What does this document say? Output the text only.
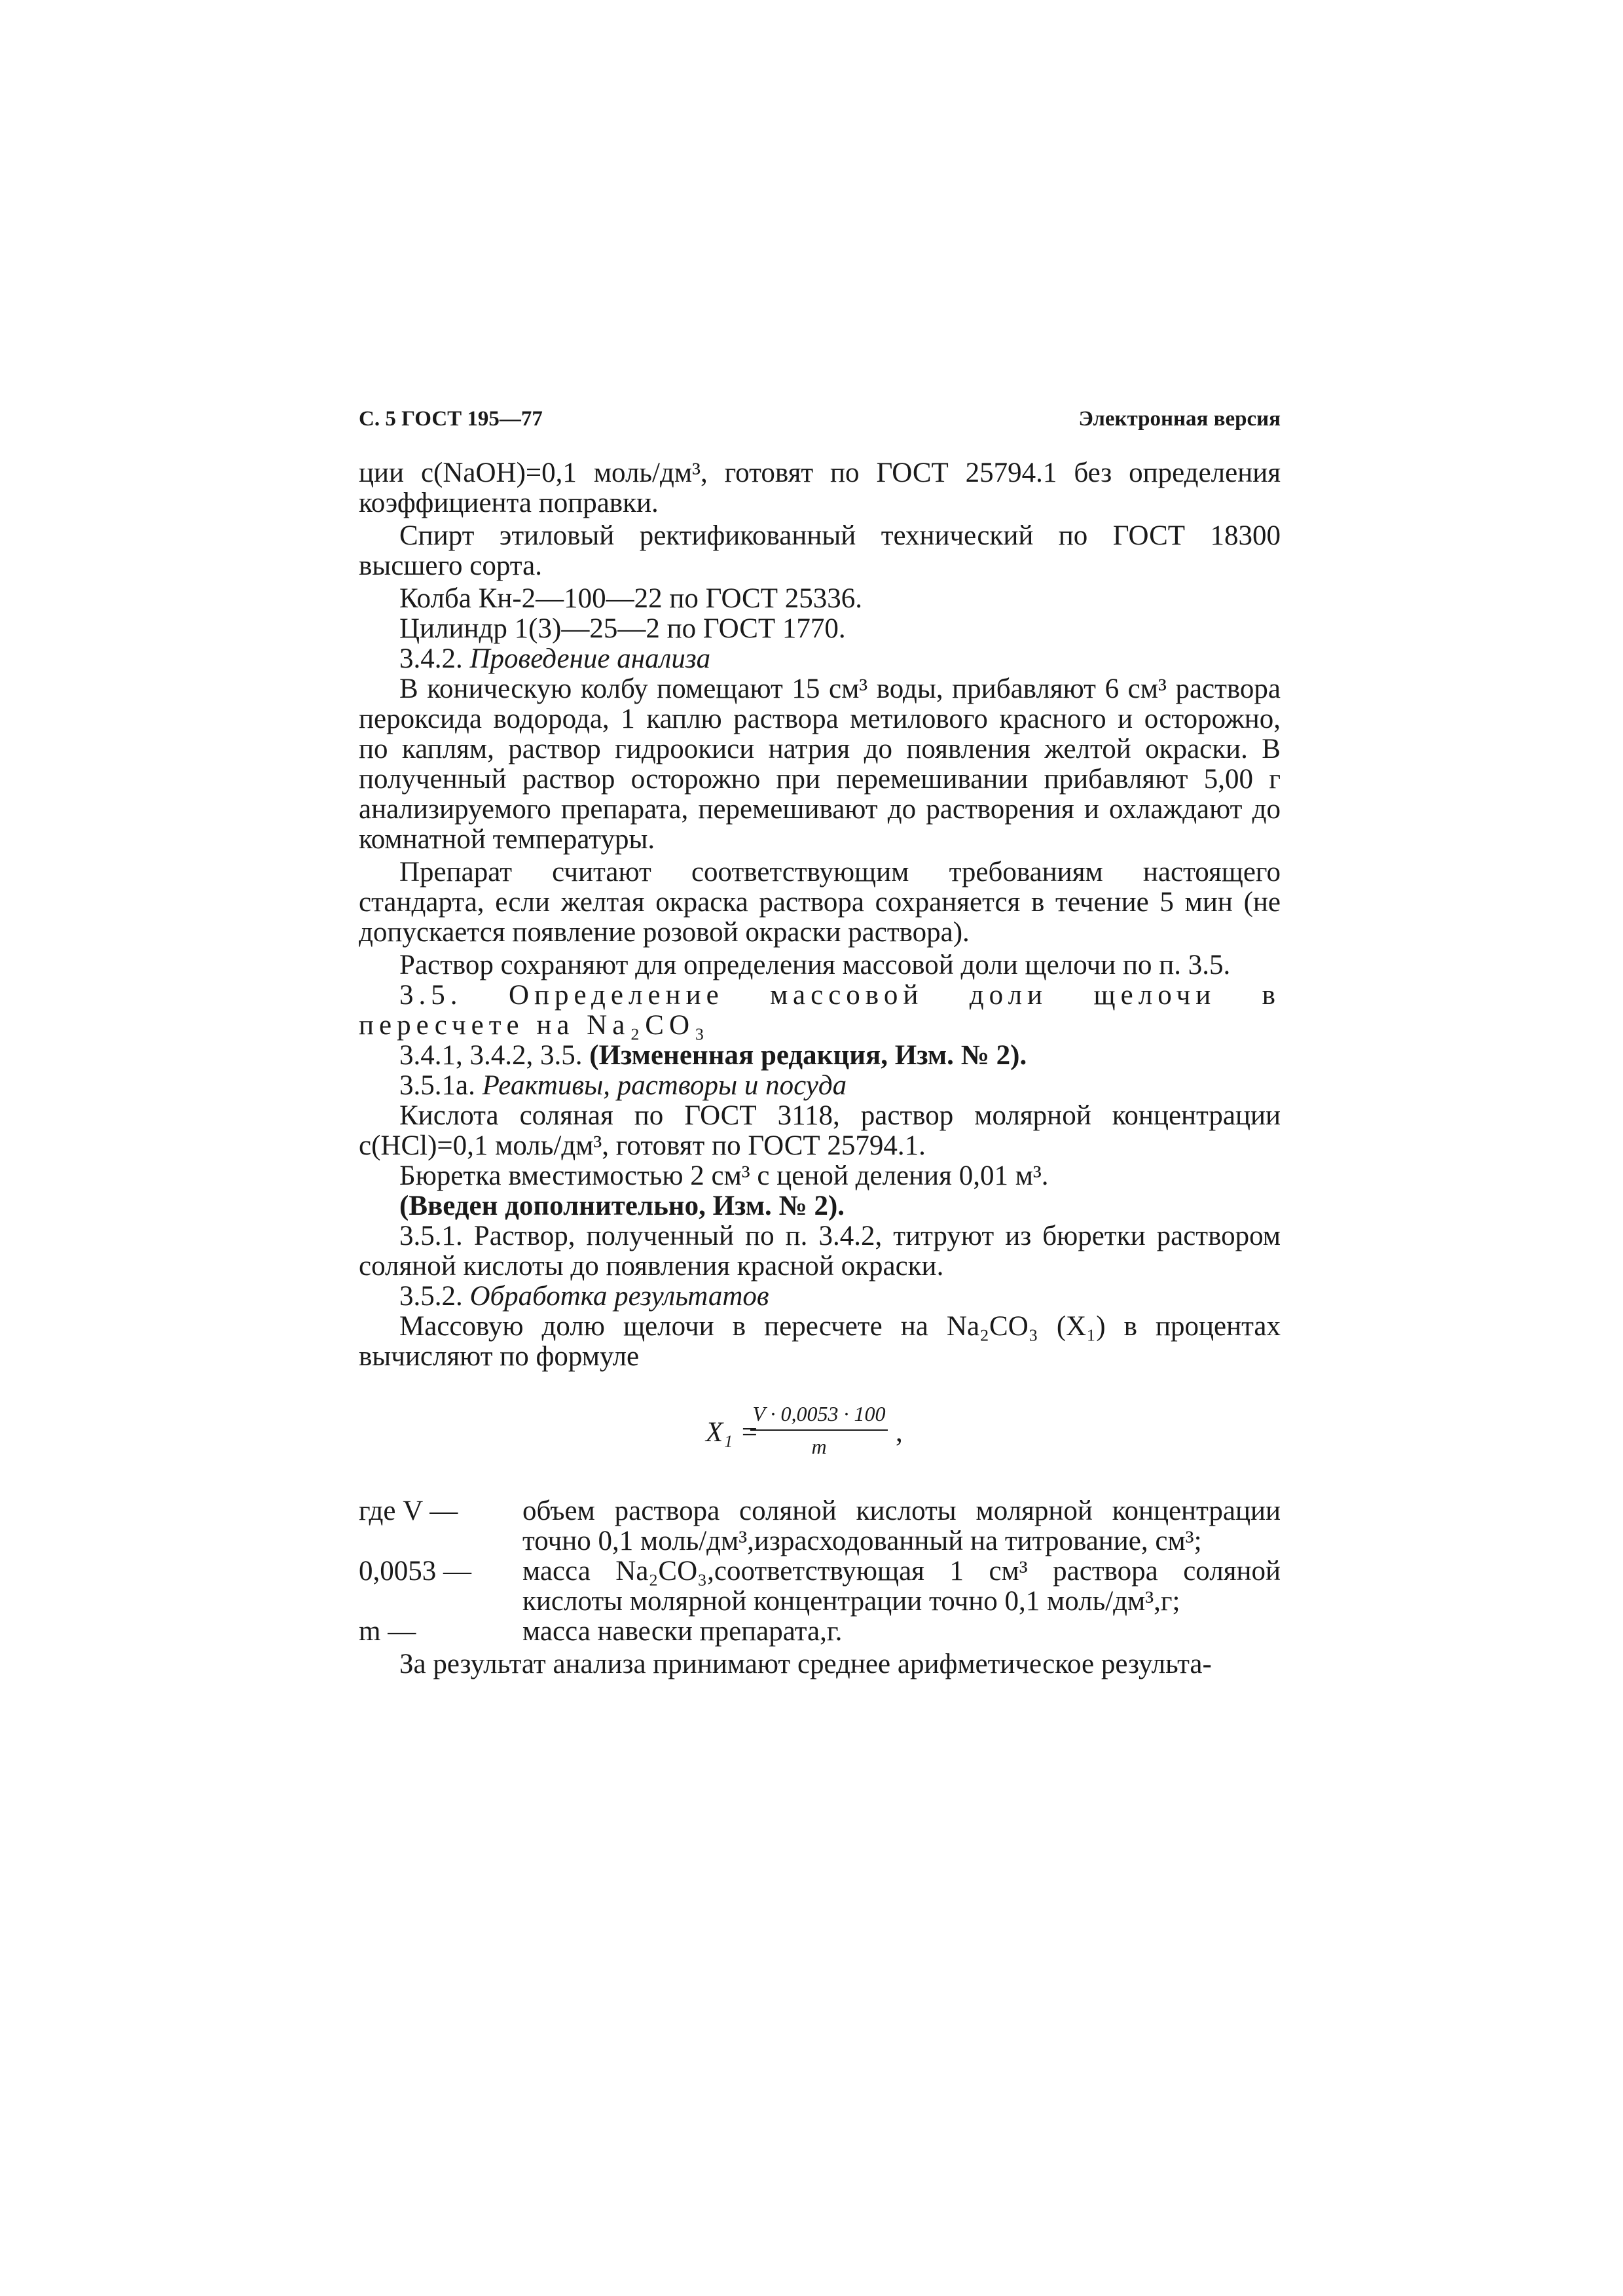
С. 5 ГОСТ 195—77	Электронная версия

ции c(NaOH)=0,1 моль/дм³, готовят по ГОСТ 25794.1 без определения коэффициента поправки.

Спирт этиловый ректификованный технический по ГОСТ 18300 высшего сорта.

Колба Кн-2—100—22 по ГОСТ 25336.

Цилиндр 1(3)—25—2 по ГОСТ 1770.

3.4.2. Проведение анализа

В коническую колбу помещают 15 см³ воды, прибавляют 6 см³ раствора пероксида водорода, 1 каплю раствора метилового красного и осторожно, по каплям, раствор гидроокиси натрия до появления желтой окраски. В полученный раствор осторожно при перемешивании прибавляют 5,00 г анализируемого препарата, перемешивают до растворения и охлаждают до комнатной температуры.

Препарат считают соответствующим требованиям настоящего стандарта, если желтая окраска раствора сохраняется в течение 5 мин (не допускается появление розовой окраски раствора).

Раствор сохраняют для определения массовой доли щелочи по п. 3.5.

3.5. Определение массовой доли щелочи в пересчете на Na₂CO₃

3.4.1, 3.4.2, 3.5. (Измененная редакция, Изм. № 2).

3.5.1а. Реактивы, растворы и посуда

Кислота соляная по ГОСТ 3118, раствор молярной концентрации c(HCl)=0,1 моль/дм³, готовят по ГОСТ 25794.1.

Бюретка вместимостью 2 см³ с ценой деления 0,01 м³.

(Введен дополнительно, Изм. № 2).

3.5.1. Раствор, полученный по п. 3.4.2, титруют из бюретки раствором соляной кислоты до появления красной окраски.

3.5.2. Обработка результатов

Массовую долю щелочи в пересчете на Na₂CO₃ (X₁) в процентах вычисляют по формуле

X₁ =
V · 0,0053 · 100
m	,
где V —	объем раствора соляной кислоты молярной концентрации точно 0,1 моль/дм³,израсходованный на титрование, см³;
0,0053 —	масса Na₂CO₃,соответствующая 1 см³ раствора соляной кислоты молярной концентрации точно 0,1 моль/дм³,г;
m —	масса навески препарата,г.

За результат анализа принимают среднее арифметическое результа-
